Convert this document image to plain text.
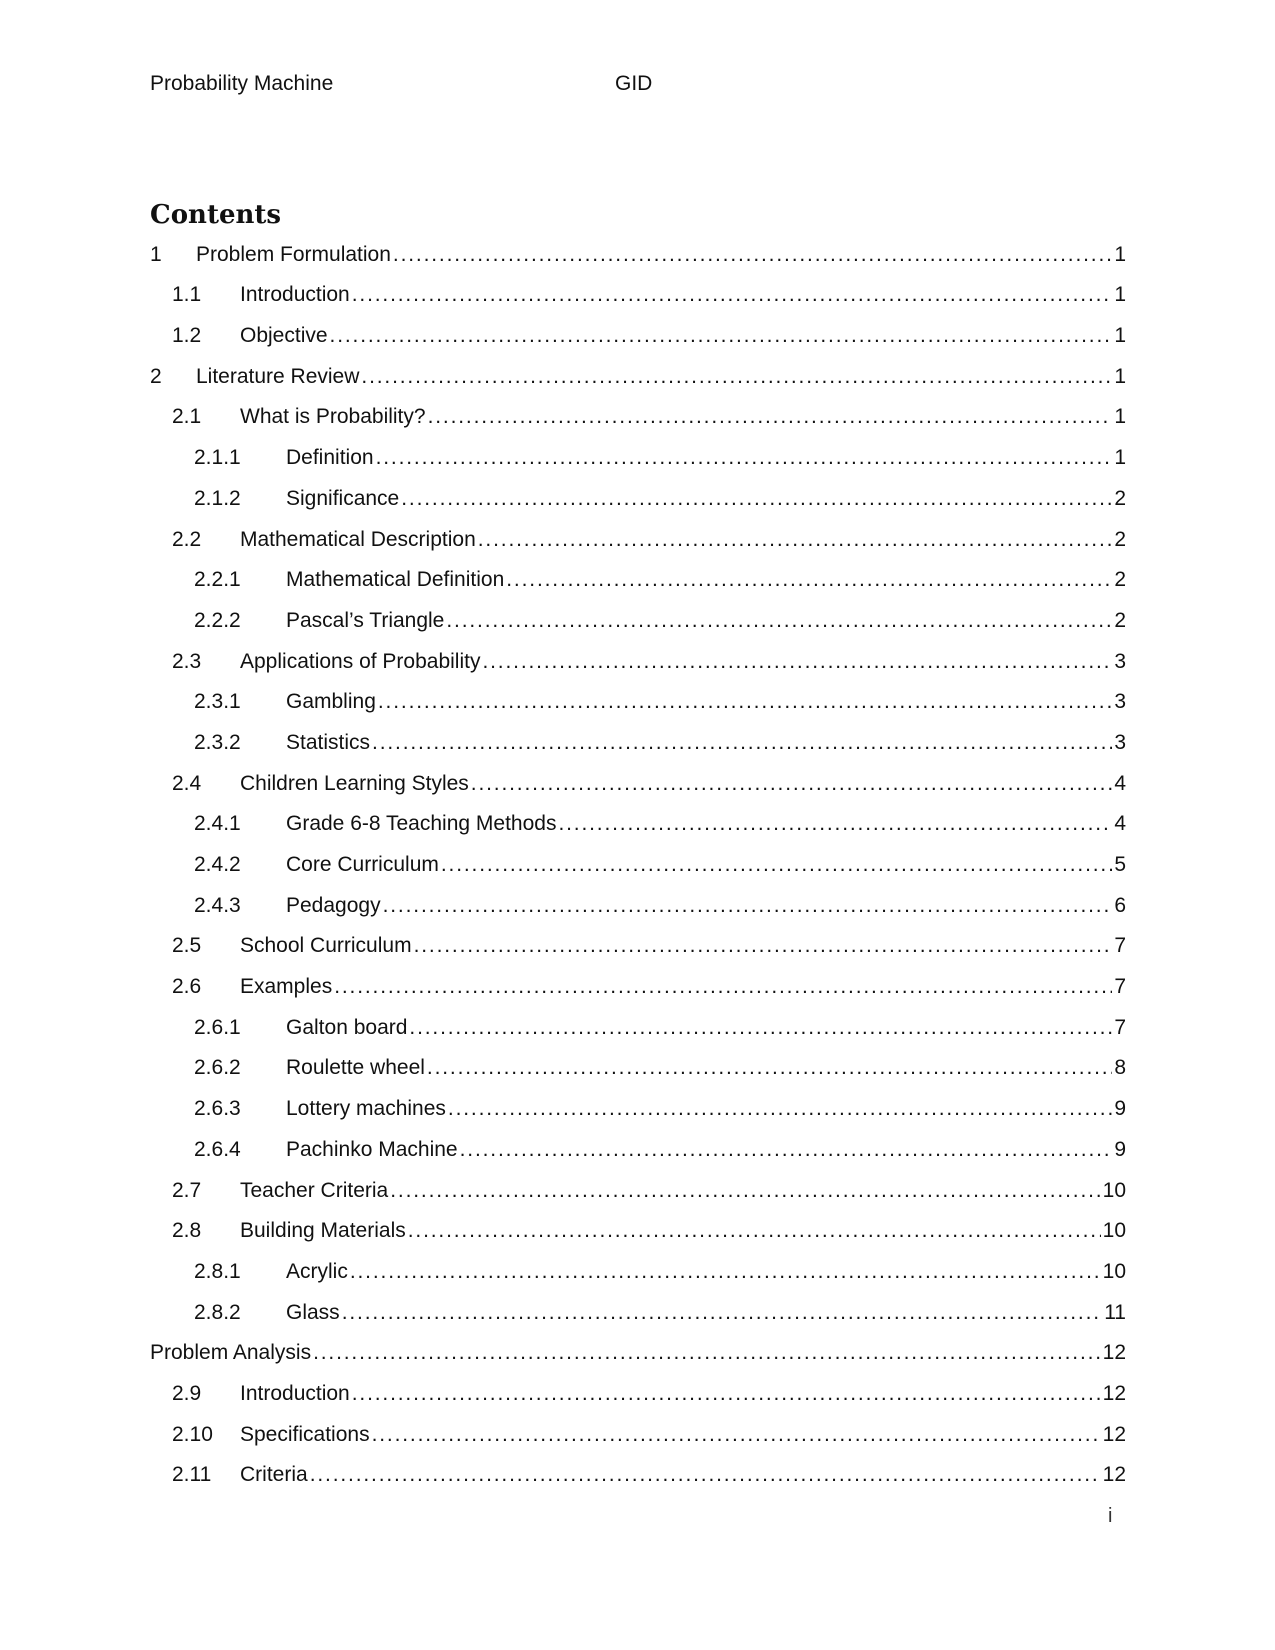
Probability Machine	GID
Contents
1	Problem Formulation . . .	1
1.1	Introduction . . .	1
1.2	Objective . . .	1
2	Literature Review . . .	1
2.1	What is Probability? . . .	1
2.1.1	Definition . . .	1
2.1.2	Significance . . .	2
2.2	Mathematical Description . . .	2
2.2.1	Mathematical Definition . . .	2
2.2.2	Pascal’s Triangle . . .	2
2.3	Applications of Probability . . .	3
2.3.1	Gambling . . .	3
2.3.2	Statistics . . .	3
2.4	Children Learning Styles . . .	4
2.4.1	Grade 6-8 Teaching Methods . . .	4
2.4.2	Core Curriculum . . .	5
2.4.3	Pedagogy . . .	6
2.5	School Curriculum . . .	7
2.6	Examples . . .	7
2.6.1	Galton board . . .	7
2.6.2	Roulette wheel . . .	8
2.6.3	Lottery machines . . .	9
2.6.4	Pachinko Machine . . .	9
2.7	Teacher Criteria . . .	10
2.8	Building Materials . . .	10
2.8.1	Acrylic . . .	10
2.8.2	Glass . . .	11
Problem Analysis . . .	12
2.9	Introduction . . .	12
2.10	Specifications . . .	12
2.11	Criteria . . .	12
i
